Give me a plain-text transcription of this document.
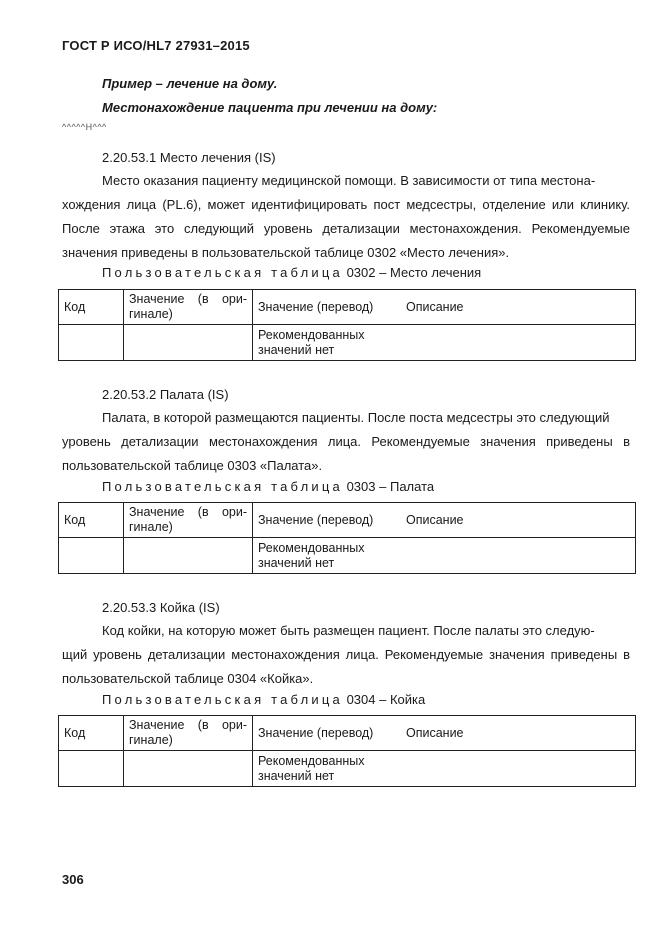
ГОСТ Р ИСО/HL7 27931–2015
Пример – лечение на дому.
Местонахождение пациента при лечении на дому:
^^^^^H^^^
2.20.53.1 Место лечения (IS)
Место оказания пациенту медицинской помощи. В зависимости от типа местона-
хождения лица (PL.6), может идентифицировать пост медсестры, отделение или клинику. После этажа это следующий уровень детализации местонахождения. Рекомендуемые значения приведены в пользовательской таблице 0302 «Место лечения».
Пользовательская таблица 0302 – Место лечения
Код	Значение (в ори-
гинале)	Значение (перевод)	Описание

		Рекомендованных
значений нет	

2.20.53.2 Палата (IS)
Палата, в которой размещаются пациенты. После поста медсестры это следующий
уровень детализации местонахождения лица. Рекомендуемые значения приведены в пользовательской таблице 0303 «Палата».
Пользовательская таблица 0303 – Палата
Код	Значение (в ори-
гинале)	Значение (перевод)	Описание

		Рекомендованных
значений нет	

2.20.53.3 Койка (IS)
Код койки, на которую может быть размещен пациент. После палаты это следую-
щий уровень детализации местонахождения лица. Рекомендуемые значения приведены в пользовательской таблице 0304 «Койка».
Пользовательская таблица 0304 – Койка
Код	Значение (в ори-
гинале)	Значение (перевод)	Описание

		Рекомендованных
значений нет	

306
